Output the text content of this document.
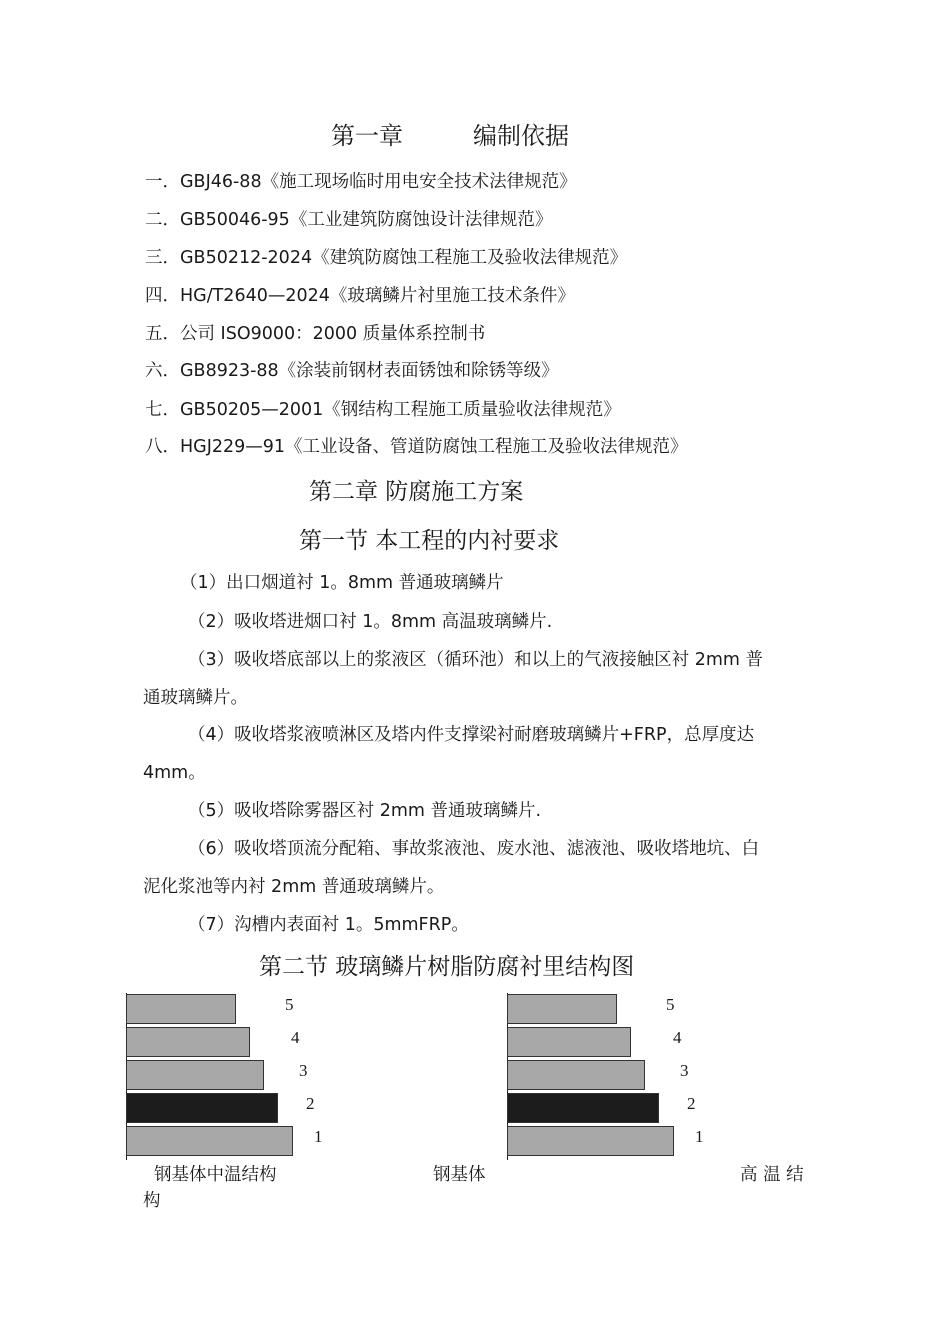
第一章	编制依据
一．GBJ46-88《施工现场临时用电安全技术法律规范》
二．GB50046-95《工业建筑防腐蚀设计法律规范》
三．GB50212-2024《建筑防腐蚀工程施工及验收法律规范》
四．HG/T2640—2024《玻璃鳞片衬里施工技术条件》
五．公司 ISO9000：2000 质量体系控制书
六．GB8923-88《涂装前钢材表面锈蚀和除锈等级》
七．GB50205—2001《钢结构工程施工质量验收法律规范》
八．HGJ229—91《工业设备、管道防腐蚀工程施工及验收法律规范》
第二章 防腐施工方案
第一节 本工程的内衬要求
（1）出口烟道衬 1。8mm 普通玻璃鳞片
（2）吸收塔进烟口衬 1。8mm 高温玻璃鳞片.
（3）吸收塔底部以上的浆液区（循环池）和以上的气液接触区衬 2mm 普
通玻璃鳞片。
（4）吸收塔浆液喷淋区及塔内件支撑梁衬耐磨玻璃鳞片+FRP，总厚度达
4mm。
（5）吸收塔除雾器区衬 2mm 普通玻璃鳞片.
（6）吸收塔顶流分配箱、事故浆液池、废水池、滤液池、吸收塔地坑、白
泥化浆池等内衬 2mm 普通玻璃鳞片。
（7）沟槽内表面衬 1。5mmFRP。
第二节 玻璃鳞片树脂防腐衬里结构图
5
4
3
2
1
5
4
3
2
1
钢基体中温结构
构
钢基体	高 温 结
